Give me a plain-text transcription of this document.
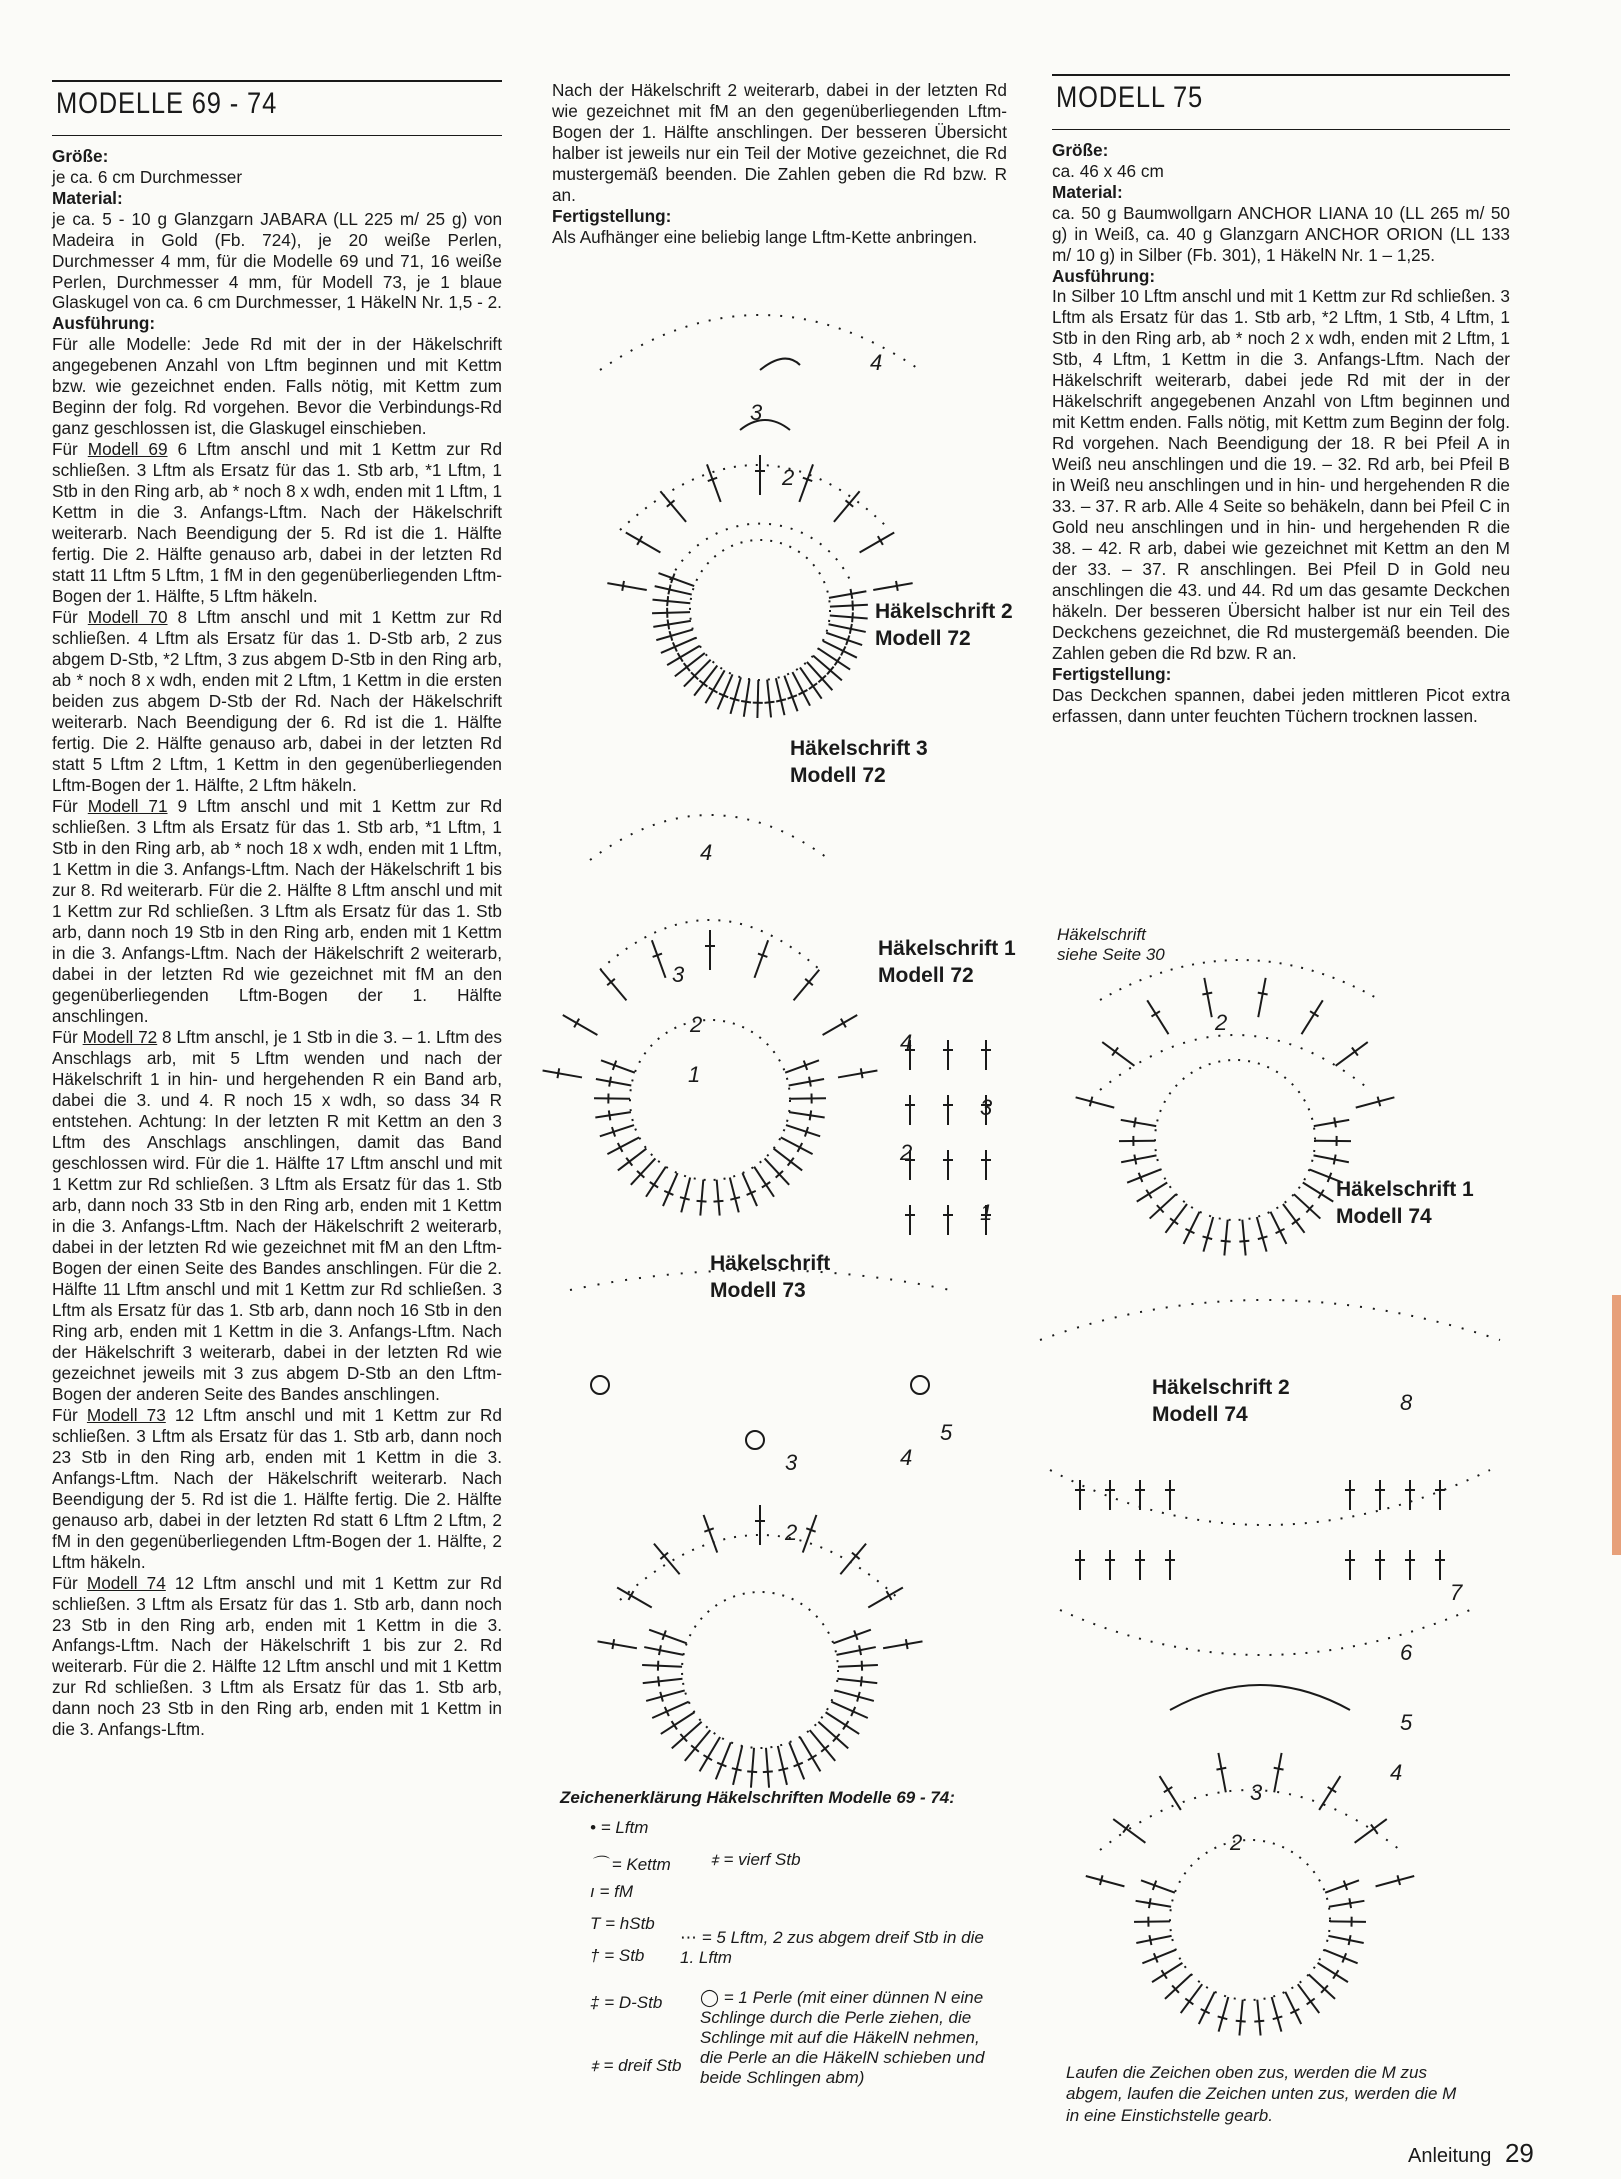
MODELLE 69 - 74

Größe:

je ca. 6 cm Durchmesser

Material:

je ca. 5 - 10 g Glanzgarn JABARA (LL 225 m/ 25 g) von Madeira in Gold (Fb. 724), je 20 weiße Perlen, Durchmesser 4 mm, für die Modelle 69 und 71, 16 weiße Perlen, Durchmesser 4 mm, für Modell 73, je 1 blaue Glaskugel von ca. 6 cm Durchmesser, 1 HäkelN Nr. 1,5 - 2.

Ausführung:

Für alle Modelle: Jede Rd mit der in der Häkelschrift angegebenen Anzahl von Lftm beginnen und mit Kettm bzw. wie gezeichnet enden. Falls nötig, mit Kettm zum Beginn der folg. Rd vorgehen. Bevor die Verbindungs-Rd ganz geschlossen ist, die Glaskugel einschieben.

Für Modell 69 6 Lftm anschl und mit 1 Kettm zur Rd schließen. 3 Lftm als Ersatz für das 1. Stb arb, *1 Lftm, 1 Stb in den Ring arb, ab * noch 8 x wdh, enden mit 1 Lftm, 1 Kettm in die 3. Anfangs-Lftm. Nach der Häkelschrift weiterarb. Nach Beendigung der 5. Rd ist die 1. Hälfte fertig. Die 2. Hälfte genauso arb, dabei in der letzten Rd statt 11 Lftm 5 Lftm, 1 fM in den gegenüberliegenden Lftm-Bogen der 1. Hälfte, 5 Lftm häkeln.

Für Modell 70 8 Lftm anschl und mit 1 Kettm zur Rd schließen. 4 Lftm als Ersatz für das 1. D-Stb arb, 2 zus abgem D-Stb, *2 Lftm, 3 zus abgem D-Stb in den Ring arb, ab * noch 8 x wdh, enden mit 2 Lftm, 1 Kettm in die ersten beiden zus abgem D-Stb der Rd. Nach der Häkelschrift weiterarb. Nach Beendigung der 6. Rd ist die 1. Hälfte fertig. Die 2. Hälfte genauso arb, dabei in der letzten Rd statt 5 Lftm 2 Lftm, 1 Kettm in den gegenüberliegenden Lftm-Bogen der 1. Hälfte, 2 Lftm häkeln.

Für Modell 71 9 Lftm anschl und mit 1 Kettm zur Rd schließen. 3 Lftm als Ersatz für das 1. Stb arb, *1 Lftm, 1 Stb in den Ring arb, ab * noch 18 x wdh, enden mit 1 Lftm, 1 Kettm in die 3. Anfangs-Lftm. Nach der Häkelschrift 1 bis zur 8. Rd weiterarb. Für die 2. Hälfte 8 Lftm anschl und mit 1 Kettm zur Rd schließen. 3 Lftm als Ersatz für das 1. Stb arb, dann noch 19 Stb in den Ring arb, enden mit 1 Kettm in die 3. Anfangs-Lftm. Nach der Häkelschrift 2 weiterarb, dabei in der letzten Rd wie gezeichnet mit fM an den gegenüberliegenden Lftm-Bogen der 1. Hälfte anschlingen.

Für Modell 72 8 Lftm anschl, je 1 Stb in die 3. – 1. Lftm des Anschlags arb, mit 5 Lftm wenden und nach der Häkelschrift 1 in hin- und hergehenden R ein Band arb, dabei die 3. und 4. R noch 15 x wdh, so dass 34 R entstehen. Achtung: In der letzten R mit Kettm an den 3 Lftm des Anschlags anschlingen, damit das Band geschlossen wird. Für die 1. Hälfte 17 Lftm anschl und mit 1 Kettm zur Rd schließen. 3 Lftm als Ersatz für das 1. Stb arb, dann noch 33 Stb in den Ring arb, enden mit 1 Kettm in die 3. Anfangs-Lftm. Nach der Häkelschrift 2 weiterarb, dabei in der letzten Rd wie gezeichnet mit fM an den Lftm-Bogen der einen Seite des Bandes anschlingen. Für die 2. Hälfte 11 Lftm anschl und mit 1 Kettm zur Rd schließen. 3 Lftm als Ersatz für das 1. Stb arb, dann noch 16 Stb in den Ring arb, enden mit 1 Kettm in die 3. Anfangs-Lftm. Nach der Häkelschrift 3 weiterarb, dabei in der letzten Rd wie gezeichnet jeweils mit 3 zus abgem D-Stb an den Lftm-Bogen der anderen Seite des Bandes anschlingen.

Für Modell 73 12 Lftm anschl und mit 1 Kettm zur Rd schließen. 3 Lftm als Ersatz für das 1. Stb arb, dann noch 23 Stb in den Ring arb, enden mit 1 Kettm in die 3. Anfangs-Lftm. Nach der Häkelschrift weiterarb. Nach Beendigung der 5. Rd ist die 1. Hälfte fertig. Die 2. Hälfte genauso arb, dabei in der letzten Rd statt 6 Lftm 2 Lftm, 2 fM in den gegenüberliegenden Lftm-Bogen der 1. Hälfte, 2 Lftm häkeln.

Für Modell 74 12 Lftm anschl und mit 1 Kettm zur Rd schließen. 3 Lftm als Ersatz für das 1. Stb arb, dann noch 23 Stb in den Ring arb, enden mit 1 Kettm in die 3. Anfangs-Lftm. Nach der Häkelschrift 1 bis zur 2. Rd weiterarb. Für die 2. Hälfte 12 Lftm anschl und mit 1 Kettm zur Rd schließen. 3 Lftm als Ersatz für das 1. Stb arb, dann noch 23 Stb in den Ring arb, enden mit 1 Kettm in die 3. Anfangs-Lftm.

Nach der Häkelschrift 2 weiterarb, dabei in der letzten Rd wie gezeichnet mit fM an den gegenüberliegenden Lftm-Bogen der 1. Hälfte anschlingen. Der besseren Übersicht halber ist jeweils nur ein Teil der Motive gezeichnet, die Rd mustergemäß beenden. Die Zahlen geben die Rd bzw. R an.

Fertigstellung:

Als Aufhänger eine beliebig lange Lftm-Kette anbringen.

MODELL 75

Größe:

ca. 46 x 46 cm

Material:

ca. 50 g Baumwollgarn ANCHOR LIANA 10 (LL 265 m/ 50 g) in Weiß, ca. 40 g Glanzgarn ANCHOR ORION (LL 133 m/ 10 g) in Silber (Fb. 301), 1 HäkelN Nr. 1 – 1,25.

Ausführung:

In Silber 10 Lftm anschl und mit 1 Kettm zur Rd schließen. 3 Lftm als Ersatz für das 1. Stb arb, *2 Lftm, 1 Stb, 4 Lftm, 1 Stb in den Ring arb, ab * noch 2 x wdh, enden mit 2 Lftm, 1 Stb, 4 Lftm, 1 Kettm in die 3. Anfangs-Lftm. Nach der Häkelschrift weiterarb, dabei jede Rd mit der in der Häkelschrift angegebenen Anzahl von Lftm beginnen und mit Kettm enden. Falls nötig, mit Kettm zum Beginn der folg. Rd vorgehen. Nach Beendigung der 18. R bei Pfeil A in Weiß neu anschlingen und die 19. – 32. Rd arb, bei Pfeil B in Weiß neu anschlingen und in hin- und hergehenden R die 33. – 37. R arb. Alle 4 Seite so behäkeln, dann bei Pfeil C in Gold neu anschlingen und in hin- und hergehenden R die 38. – 42. R arb, dabei wie gezeichnet mit Kettm an den M der 33. – 37. R anschlingen. Bei Pfeil D in Gold neu anschlingen die 43. und 44. Rd um das gesamte Deckchen häkeln. Der besseren Übersicht halber ist nur ein Teil des Deckchens gezeichnet, die Rd mustergemäß beenden. Die Zahlen geben die Rd bzw. R an.

Fertigstellung:

Das Deckchen spannen, dabei jeden mittleren Picot extra erfassen, dann unter feuchten Tüchern trocknen lassen.

3
2
4
Häkelschrift 2
Modell 72
3
2
1
4
Häkelschrift 3
Modell 72
Häkelschrift 1
Modell 72
4
3
2
1
Häkelschrift
Modell 73
2
3
5
4
Zeichenerklärung Häkelschriften Modelle 69 - 74:
• = Lftm
⌒ = Kettm
ı = fM
T = hStb
† = Stb
‡ = D-Stb
⧧ = dreif Stb
⧧ = vierf Stb
⋯ = 5 Lftm, 2 zus abgem dreif Stb in die 1. Lftm
◯ = 1 Perle (mit einer dünnen N eine Schlinge durch die Perle ziehen, die Schlinge mit auf die HäkelN nehmen, die Perle an die HäkelN schieben und beide Schlingen abm)
Häkelschrift
siehe Seite 30
2
Häkelschrift 1
Modell 74
Häkelschrift 2
Modell 74	8
7
6
5
4
3
2
Laufen die Zeichen oben zus, werden die M zus abgem, laufen die Zeichen unten zus, werden die M in eine Einstichstelle gearb.
Anleitung 29
